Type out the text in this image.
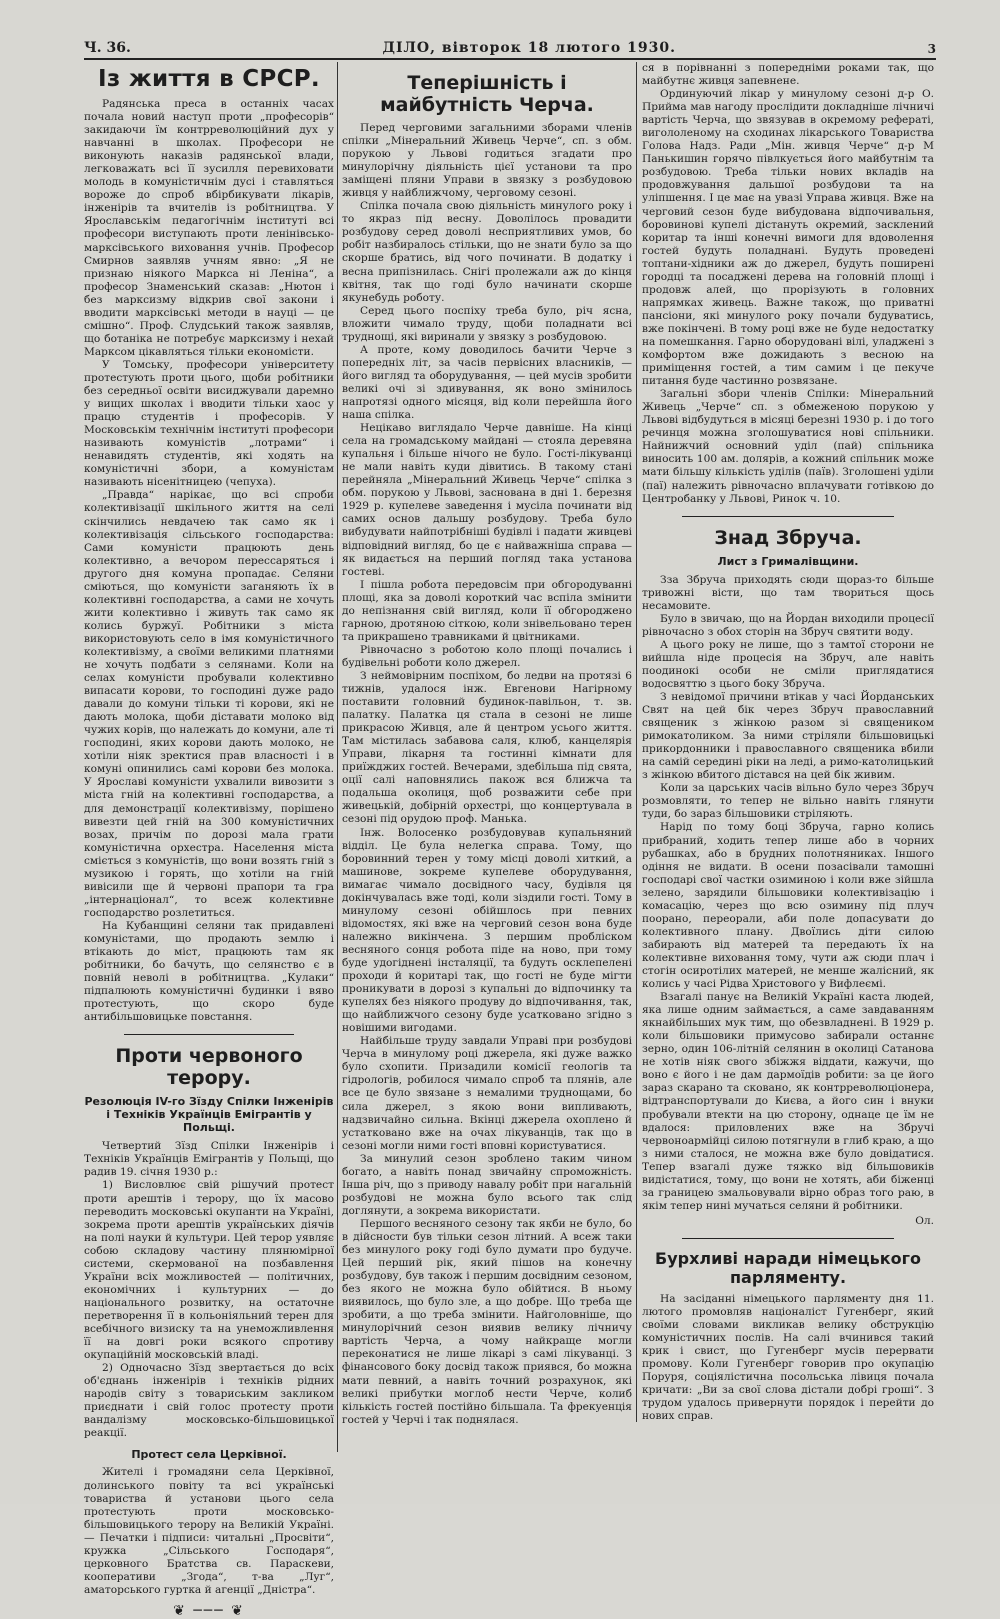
Ч. 36.	ДІЛО, вівторок 18 лютого 1930.	3
Із життя в СРСР.

Радянська преса в останніх часах почала новий наступ проти „професорів“ закидаючи їм контрреволюційний дух у навчанні в школах. Професори не виконують наказів радянської влади, легковажать всі її зусилля перевиховати молодь в комуністичнім дусі і ставляться вороже до спроб вбірбикувати лікарів, інженірів та вчителів із робітництва. У Ярославськім педагогічнім інституті всі професори виступають проти ленінівсько-марксівського виховання учнів. Професор Смирнов заявляв учням явно: „Я не признаю ніякого Маркса ні Леніна“, а професор Знаменський сказав: „Нютон і без марксизму відкрив свої закони і вводити марксівські методи в науці — це смішно“. Проф. Слудський також заявляв, що ботаніка не потребує марксизму і нехай Марксом цікавляться тільки економісти.

У Томську, професори університету протестують проти цього, щоби робітники без середньої освіти висиджували даремно у вищих школах і вводити тільки хаос у працю студентів і професорів. У Московськім технічнім інституті професори називають комуністів „лотрами“ і ненавидять студентів, які ходять на комуністичні збори, а комуністам називають нісенітницею (чепуха).

„Правда“ нарікає, що всі спроби колективізації шкільного життя на селі скінчились невдачею так само як і колективізація сільського господарства: Сами комуністи працюють день колективно, а вечором перессаряться і другого дня комуна пропадає. Селяни сміються, що комуністи заганяють їх в колективні господарства, а сами не хочуть жити колективно і живуть так само як колись буржуї. Робітники з міста використовують село в імя комуністичного колективізму, а своїми великими платнями не хочуть подбати з селянами. Коли на селах комуністи пробували колективно випасати корови, то господині дуже радо давали до комуни тільки ті корови, які не дають молока, щоби діставати молоко від чужих корів, що належать до комуни, але ті господині, яких корови дають молоко, не хотіли ніяк зректися прав власності і в комуні опинились самі корови без молока. У Ярославі комуністи ухвалили вивозити з міста гній на колективні господарства, а для демонстрації колективізму, порішено вивезти цей гній на 300 комуністичних возах, причім по дорозі мала грати комуністична орхестра. Населення міста сміється з комуністів, що вони возять гній з музикою і горять, що хотіли на гній вивісили ще й червоні прапори та гра „інтернаціонал“, то всеж колективне господарство розлетиться.

На Кубанщині селяни так придавлені комуністами, що продають землю і втікають до міст, працюють там як робітники, бо бачуть, що селянство є в повній неволі в робітництва. „Кулаки“ підпалюють комуністичні будинки і вяво протестують, що скоро буде антибільшовицьке повстання.

Проти червоного терору.
Резолюція IV-го Зїзду Спілки Інженірів і Техніків Українців Емігрантів у Польщі.

Четвертий Зїзд Спілки Інженірів і Техніків Українців Емігрантів у Польщі, що радив 19. січня 1930 р.:

1) Висловлює свій рішучий протест проти арештів і терору, що їх масово переводить московські окупанти на Україні, зокрема проти арештів українських діячів на полі науки й культури. Цей терор уявляє собою складову частину плянюмірної системи, скермованої на позбавлення України всіх можливостей — політичних, економічних і культурних — до національного розвитку, на остаточне перетворення її в кольоніяльний терен для всебічного визиску та на унеможливлення її на довгі роки всякого спротиву окупаційній московській владі.

2) Одночасно Зїзд звертається до всіх об'єднань інженірів і техніків рідних народів світу з товариським закликом приєднати і свій голос протесту проти вандалізму московсько-більшовицької реакції.

Протест села Церківної.

Жителі і громадяни села Церківної, долинського повіту та всі українські товариства й установи цього села протестують проти московсько-більшовицького терору на Великій Україні. — Печатки і підписи: читальні „Просвіти“, кружка „Сільського Господаря“, церковного Братства св. Параскеви, кооперативи „Згода“, т-ва „Луг“, аматорського гуртка й агенції „Дністра“.

❦ ─── ❦
Теперішність і майбутність Черча.

Перед черговими загальними зборами членів спілки „Мінеральний Живець Черче“, сп. з обм. порукою у Львові годиться згадати про минулорічну діяльність цієї установи та про заміщені пляни Управи в звязку з розбудовою живця у найближчому, черговому сезоні.

Спілка почала свою діяльність минулого року і то якраз під весну. Доволілось провадити розбудову серед доволі несприятливих умов, бо робіт назбиралось стільки, що не знати було за що скорше братись, від чого починати. В додатку і весна припізнилась. Снігі пролежали аж до кінця квітня, так що годі було начинати скорше якунебудь роботу.

Серед цього поспіху треба було, річ ясна, вложити чимало труду, щоби поладнати всі труднощі, які виринали у звязку з розбудовою.

А проте, кому доводилось бачити Черче з попередніх літ, за часів первісних власників, — його вигляд та оборудування, — цей мусів зробити великі очі зі здивування, як воно змінилось напротязі одного місяця, від коли перейшла його наша спілка.

Нецікаво виглядало Черче давніше. На кінці села на громадському майдані — стояла деревяна купальня і більше нічого не було. Гості-лікуванці не мали навіть куди дівитись. В такому стані перейняла „Мінеральний Живець Черче“ спілка з обм. порукою у Львові, заснована в дні 1. березня 1929 р. купелеве заведення і мусіла починати від самих основ дальшу розбудову. Треба було вибудувати найпотрібніші будівлі і падати живцеві відповідний вигляд, бо це є найважніша справа — як видається на перший погляд така установа гостеві.

І пішла робота передовсім при обгородуванні площі, яка за доволі короткий час вспіла змінити до непізнання свій вигляд, коли її обгороджено гарною, дротяною сіткою, коли знівельовано терен та прикрашено травниками й цвітниками.

Рівночасно з роботою коло площі почались і будівельні роботи коло джерел.

З неймовірним поспіхом, бо ледви на протязі 6 тижнів, удалося інж. Евгенови Нагірному поставити головний будинок-павільон, т. зв. палатку. Палатка ця стала в сезоні не лише прикрасою Живця, але й центром усього життя. Там містилась забавова саля, клюб, канцелярія Управи, лікарня та гостинні кімнати для приїжджих гостей. Вечерами, здебільша під свята, оції салі наповнялись пакож вся ближча та подальша околиця, щоб розважити себе при живецькій, добірній орхестрі, що концертувала в сезоні під орудою проф. Манька.

Інж. Волосенко розбудовував купальняний відділ. Це була нелегка справа. Тому, що боровинний терен у тому місці доволі хиткий, а машинове, зокреме купелеве оборудування, вимагає чимало досвідного часу, будівля ця докінчувалась вже тоді, коли зіздили гості. Тому в минулому сезоні обійшлось при певних відомостях, які вже на черговий сезон вона буде належно викінчена. З першим пробліском весняного сонця робота піде на ново, при тому буде удогіднені інсталяції, та будуть осклепелені проходи й коритарі так, що гості не буде мігти проникувати в дорозі з купальні до відпочинку та купелях без ніякого продуву до відпочивання, так, що найближчого сезону буде усатковано згідно з новішими вигодами.

Найбільше труду завдали Управі при розбудові Черча в минулому році джерела, які дуже важко було схопити. Призадили комісії геологів та гідрологів, робилося чимало спроб та плянів, але все це було звязане з немалими труднощами, бо сила джерел, з якою вони випливають, надзвичайно сильна. Вкінці джерела охоплено й устатковано вже на очах лікуванців, так що в сезоні могли ними гості вповні користуватися.

За минулий сезон зроблено таким чином богато, а навіть понад звичайну спроможність. Інша річ, що з приводу навалу робіт при нагальній розбудові не можна було всього так слід доглянути, а зокрема використати.

Першого весняного сезону так якби не було, бо в дійсности був тільки сезон літний. А всеж таки без минулого року годі було думати про будуче. Цей перший рік, який пішов на конечну розбудову, був також і першим досвідним сезоном, без якого не можна було обійтися. В ньому виявилось, що було зле, а що добре. Що треба ще зробити, а що треба змінити. Найголовніше, що минулорічний сезон виявив велику лічничу вартість Черча, а чому найкраще могли переконатися не лише лікарі з самі лікуванці. З фінансового боку досвід також приявся, бо можна мати певний, а навіть точний розрахунок, які великі прибутки моглоб нести Черче, колиб кількість гостей постійно більшала. Та фрекуенція гостей у Черчі і так поднялася.

ся в порівнанні з попередніми роками так, що майбутнє живця запевнене.

Ординуючий лікар у минулому сезоні д-р О. Прийма мав нагоду прослідити докладніше лічничі вартість Черча, що звязував в окремому рефераті, вигололеному на сходинах лікарського Товариства Голова Надз. Ради „Мін. живця Черче“ д-р М Панькишин горячо півлкується його майбутнім та розбудовою. Треба тільки нових вкладів на продовжування дальшої розбудови та на уліпшення. І це має на увазі Управа живця. Вже на черговий сезон буде вибудована відпочивальня, боровинові купелі дістануть окремий, засклений коритар та інші конечні вимоги для вдоволення гостей будуть поладнані. Будуть проведені топтани-хідники аж до джерел, будуть поширені городці та посаджені дерева на головній площі і продовж алей, що прорізують в головних напрямках живець. Важне також, що приватні пансіони, які минулого року почали будуватись, вже покінчені. В тому році вже не буде недостатку на помешкання. Гарно оборудовані вілі, уладжені з комфортом вже дожидають з весною на приміщення гостей, а тим самим і це пекуче питання буде частинно розвязане.

Загальні збори членів Спілки: Мінеральний Живець „Черче“ сп. з обмеженою порукою у Львові відбудуться в місяці березні 1930 р. і до того речинця можна зголошуватися нові спільники. Найнижчий основний уділ (пай) спільника виносить 100 ам. долярів, а кожний спільник може мати більшу кількість уділів (паїв). Зголошені уділи (паї) належить рівночасно вплачувати готівкою до Центробанку у Львові, Ринок ч. 10.

Знад Збруча.
Лист з Грималівщини.

Зза Збруча приходять сюди щораз-то більше тривожні вісти, що там твориться щось несамовите.

Було в звичаю, що на Йордан виходили процесії рівночасно з обох сторін на Збруч святити воду.

А цього року не лише, що з тамтої сторони не вийшла ніде процесія на Збруч, але навіть поодинокі особи не сміли приглядатися водосвяттю з цього боку Збруча.

З невідомої причини втікав у часі Йорданських Свят на цей бік через Збруч православний священик з жінкою разом зі священиком римокатоликом. За ними стріляли більшовицькі прикордонники і православного священика вбили на самій середині ріки на леді, а римо-католицький з жінкою вбитого дістався на цей бік живим.

Коли за царських часів вільно було через Збруч розмовляти, то тепер не вільно навіть глянути туди, бо зараз більшовики стріляють.

Нарід по тому боці Збруча, гарно колись прибраний, ходить тепер лише або в чорних рубашках, або в брудних полотняниках. Іншого одіння не видати. В осени позасівали тамошні господарі свої частки озиминою і коли вже зійшла зелено, зарядили більшовики колективізацію і комасацію, через що всю озимину під плуч поорано, переорали, аби поле допасувати до колективного плану. Двоїлись діти силою забирають від матерей та передають їх на колективне виховання тому, чути аж сюди плач і стогін осиротілих матерей, не менше жалісний, як колись у часі Рідва Христового у Вифлеємі.

Взагалі панує на Великій Україні каста людей, яка лише одним займається, а саме завдаванням якнайбільших мук тим, що обезвладнені. В 1929 р. коли більшовики примусово забирали останнє зерно, один 106-літній селянин в околиці Сатанова не хотів ніяк свого збіжжя віддати, кажучи, що воно є його і не дам дармоїдів робити: за це його зараз скарано та сковано, як контрреволюціонера, відтранспортували до Києва, а його син і внуки пробували втекти на цю сторону, однаце це їм не вдалося: приловлених вже на Збручі червоноармійці силою потягнули в глиб краю, а що з ними сталося, не можна вже було довідатися. Тепер взагалі дуже тяжко від більшовиків видістатися, тому, що вони не хотять, аби біженці за границею змальовували вірно образ того раю, в якім тепер нині мучаться селяни й робітники.

Ол.

Бурхливі наради німецького парляменту.

На засіданні німецького парляменту дня 11. лютого промовляв націоналіст Гугенберг, який своїми словами викликав велику обструкцію комуністичних послів. На салі вчинився такий крик і свист, що Гугенберг мусів перервати промову. Коли Гугенберг говорив про окупацію Поруря, соціялістична посольська лівиця почала кричати: „Ви за свої слова дістали добрі гроші“. З трудом удалось привернути порядок і перейти до нових справ.
